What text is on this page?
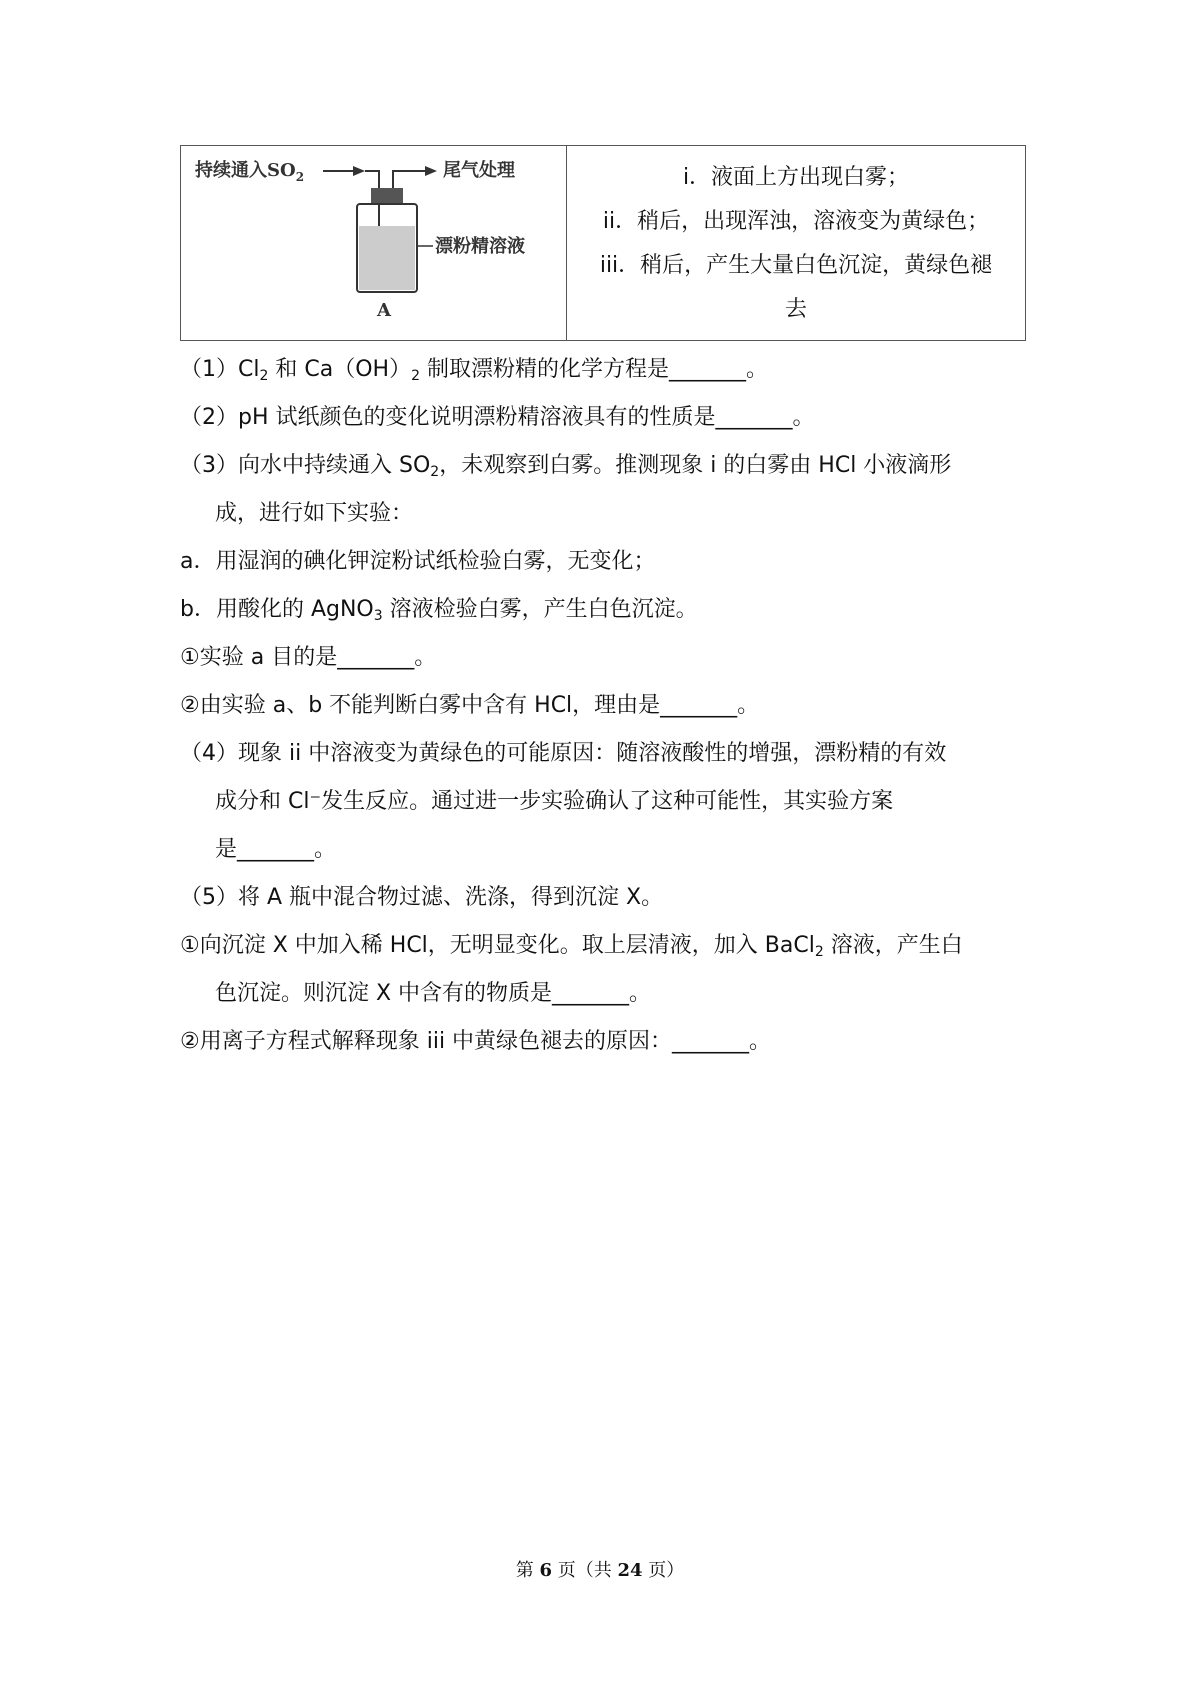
持续通入$SO_2$	尾气处理
漂粉精溶液
A
i．液面上方出现白雾；
ii．稍后，出现浑浊，溶液变为黄绿色；
iii．稍后，产生大量白色沉淀，黄绿色褪
去
$(1)Cl_2$ 和 $Ca(OH)_2$ 制取漂粉精的化学方程是_______。
（2）pH 试纸颜色的变化说明漂粉精溶液具有的性质是_______。
（3）向水中持续通入 $SO_2$，未观察到白雾。推测现象 i 的白雾由 HCl 小液滴形
成，进行如下实验：
a．用湿润的碘化钾淀粉试纸检验白雾，无变化；
b．用酸化的 AgNO$_3$ 溶液检验白雾，产生白色沉淀。
①实验 a 目的是_______。
②由实验 a、b 不能判断白雾中含有 HCl，理由是_______。
（4）现象 ii 中溶液变为黄绿色的可能原因：随溶液酸性的增强，漂粉精的有效
成分和 Cl⁻发生反应。通过进一步实验确认了这种可能性，其实验方案
是_______。
（5）将 A 瓶中混合物过滤、洗涤，得到沉淀 X。
①向沉淀 X 中加入稀 HCl，无明显变化。取上层清液，加入 BaCl$_2$ 溶液，产生白
色沉淀。则沉淀 X 中含有的物质是_______。
②用离子方程式解释现象 iii 中黄绿色褪去的原因：_______。
第 6 页（共 24 页）
